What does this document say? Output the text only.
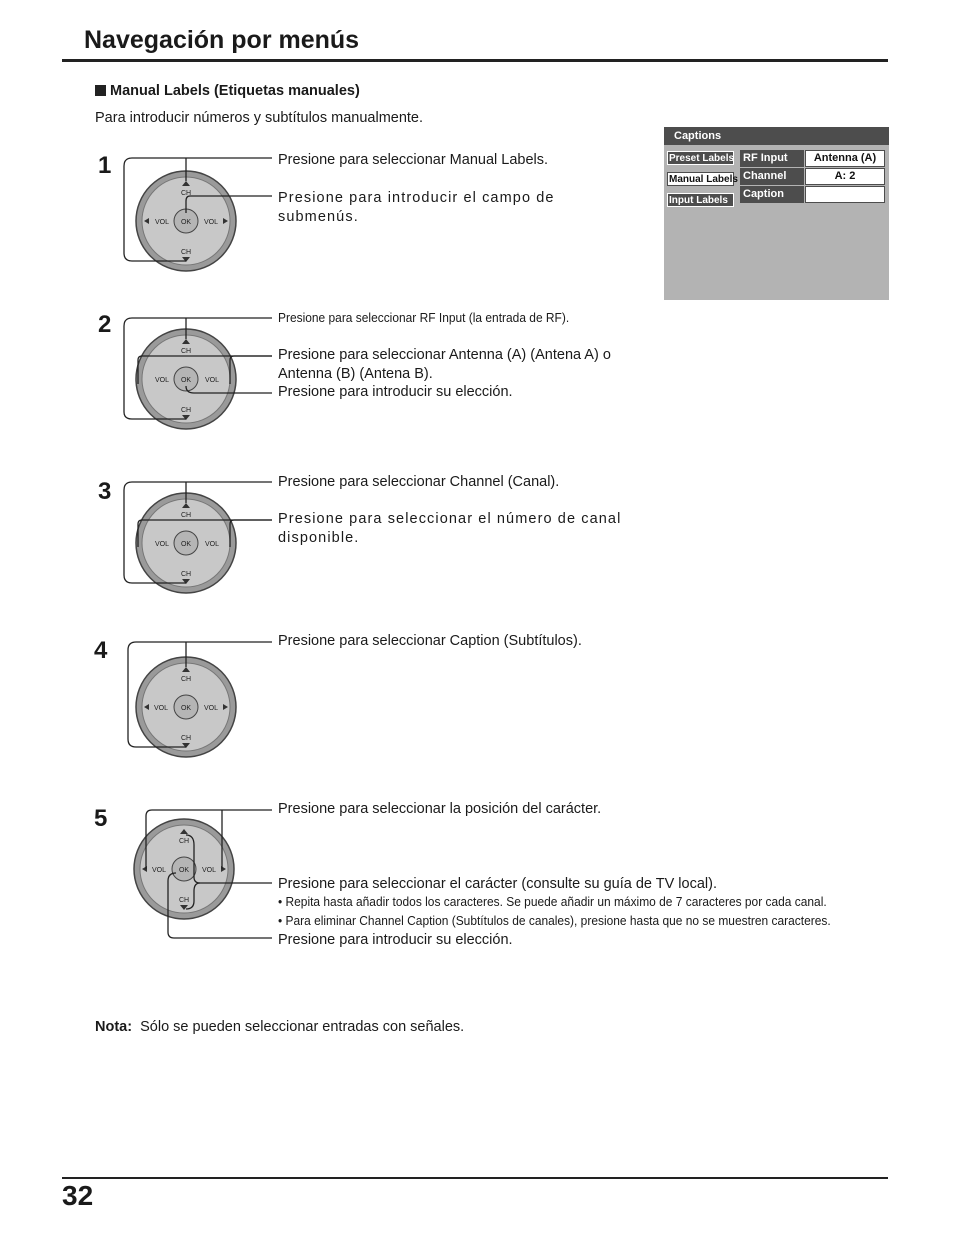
Navegación por menús
Manual Labels (Etiquetas manuales)
Para introducir números y subtítulos manualmente.
Captions
Preset Labels
Manual Labels
Input Labels
RF Input	Antenna (A)
Channel	A: 2
Caption
1
OK
CH
CH
VOL	VOL
Presione para seleccionar Manual Labels.
Presione para introducir el campo de submenús.
2
OK
CH
CH
VOL	VOL
Presione para seleccionar RF Input (la entrada de RF).
Presione para seleccionar Antenna (A) (Antena A) o Antenna (B) (Antena B).
Presione para introducir su elección.
3
OK
CH
CH
VOL	VOL
Presione para seleccionar Channel (Canal).
Presione para seleccionar el número de canal disponible.
4
OK
CH
CH
VOL	VOL
Presione para seleccionar Caption (Subtítulos).
5
OK
CH
CH
VOL	VOL
Presione para seleccionar la posición del carácter.
Presione para seleccionar el carácter (consulte su guía de TV local).
• Repita hasta añadir todos los caracteres. Se puede añadir un máximo de 7 caracteres por cada canal.
• Para eliminar Channel Caption (Subtítulos de canales), presione hasta que no se muestren caracteres.
Presione para introducir su elección.
Nota: Sólo se pueden seleccionar entradas con señales.
32
